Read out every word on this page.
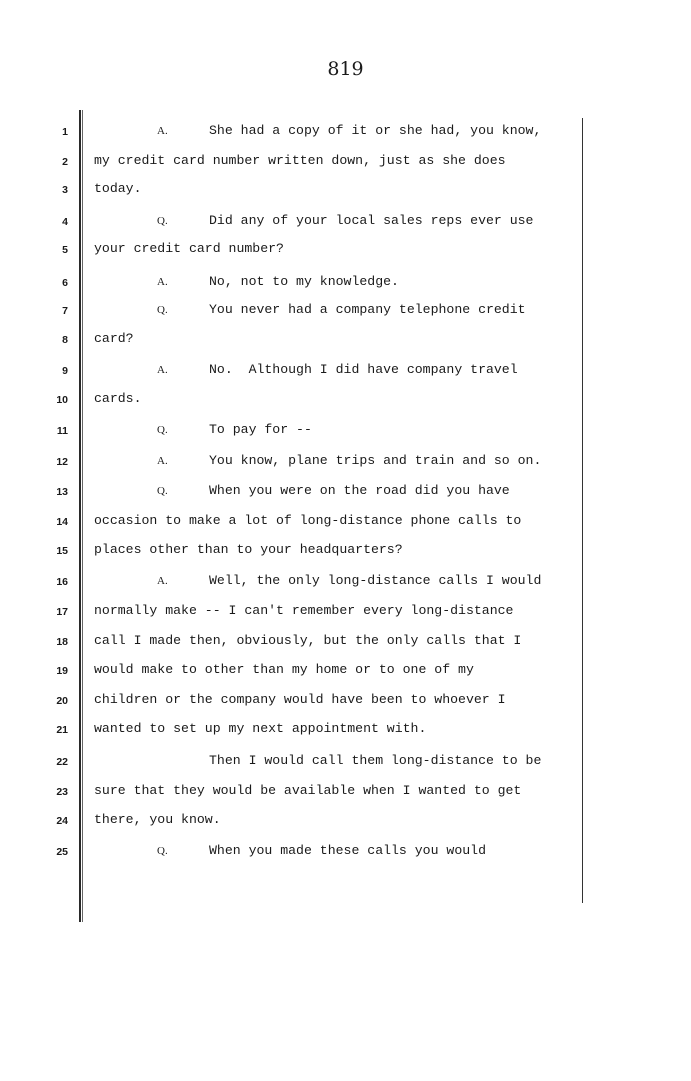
819
1	A.	She had a copy of it or she had, you know,
2 my credit card number written down, just as she does
3 today.
4	Q.	Did any of your local sales reps ever use
5 your credit card number?
6	A.	No, not to my knowledge.
7	Q.	You never had a company telephone credit
8 card?
9	A.	No.  Although I did have company travel
10 cards.
11	Q.	To pay for --
12	A.	You know, plane trips and train and so on.
13	Q.	When you were on the road did you have
14 occasion to make a lot of long-distance phone calls to
15 places other than to your headquarters?
16	A.	Well, the only long-distance calls I would
17 normally make -- I can't remember every long-distance
18 call I made then, obviously, but the only calls that I
19 would make to other than my home or to one of my
20 children or the company would have been to whoever I
21 wanted to set up my next appointment with.
22	Then I would call them long-distance to be
23 sure that they would be available when I wanted to get
24 there, you know.
25	Q.	When you made these calls you would
